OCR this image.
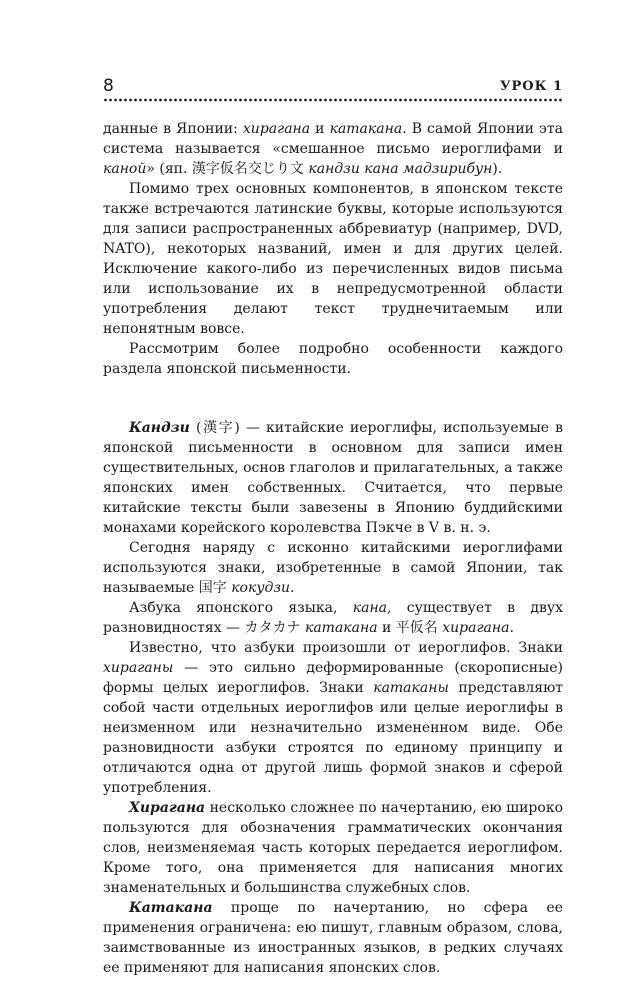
8	УРОК 1

данные в Японии: хирагана и катакана. В самой Японии эта система называется «смешанное письмо иероглифами и каной» (яп. 漢字仮名交じり文 кандзи кана мадзирибун).

Помимо трех основных компонентов, в японском тексте также встречаются латинские буквы, которые используются для записи распространенных аббревиатур (например, DVD, NATO), некоторых названий, имен и для других целей. Исключение какого-либо из перечисленных видов письма или использование их в непредусмотренной области употребления делают текст труднечитаемым или непонятным вовсе.

Рассмотрим более подробно особенности каждого раздела японской письменности.

Кандзи (漢字) — китайские иероглифы, используемые в японской письменности в основном для записи имен существительных, основ глаголов и прилагательных, а также японских имен собственных. Считается, что первые китайские тексты были завезены в Японию буддийскими монахами корейского королевства Пэкче в V в. н. э.

Сегодня наряду с исконно китайскими иероглифами используются знаки, изобретенные в самой Японии, так называемые 国字 кокудзи.

Азбука японского языка, кана, существует в двух разновидностях — カタカナ катакана и 平仮名 хирагана.

Известно, что азбуки произошли от иероглифов. Знаки хираганы — это сильно деформированные (скорописные) формы целых иероглифов. Знаки катаканы представляют собой части отдельных иероглифов или целые иероглифы в неизменном или незначительно измененном виде. Обе разновидности азбуки строятся по единому принципу и отличаются одна от другой лишь формой знаков и сферой употребления.

Хирагана несколько сложнее по начертанию, ею широко пользуются для обозначения грамматических окончания слов, неизменяемая часть которых передается иероглифом. Кроме того, она применяется для написания многих знаменательных и большинства служебных слов.

Катакана проще по начертанию, но сфера ее применения ограничена: ею пишут, главным образом, слова, заимствованные из иностранных языков, в редких случаях ее применяют для написания японских слов.
